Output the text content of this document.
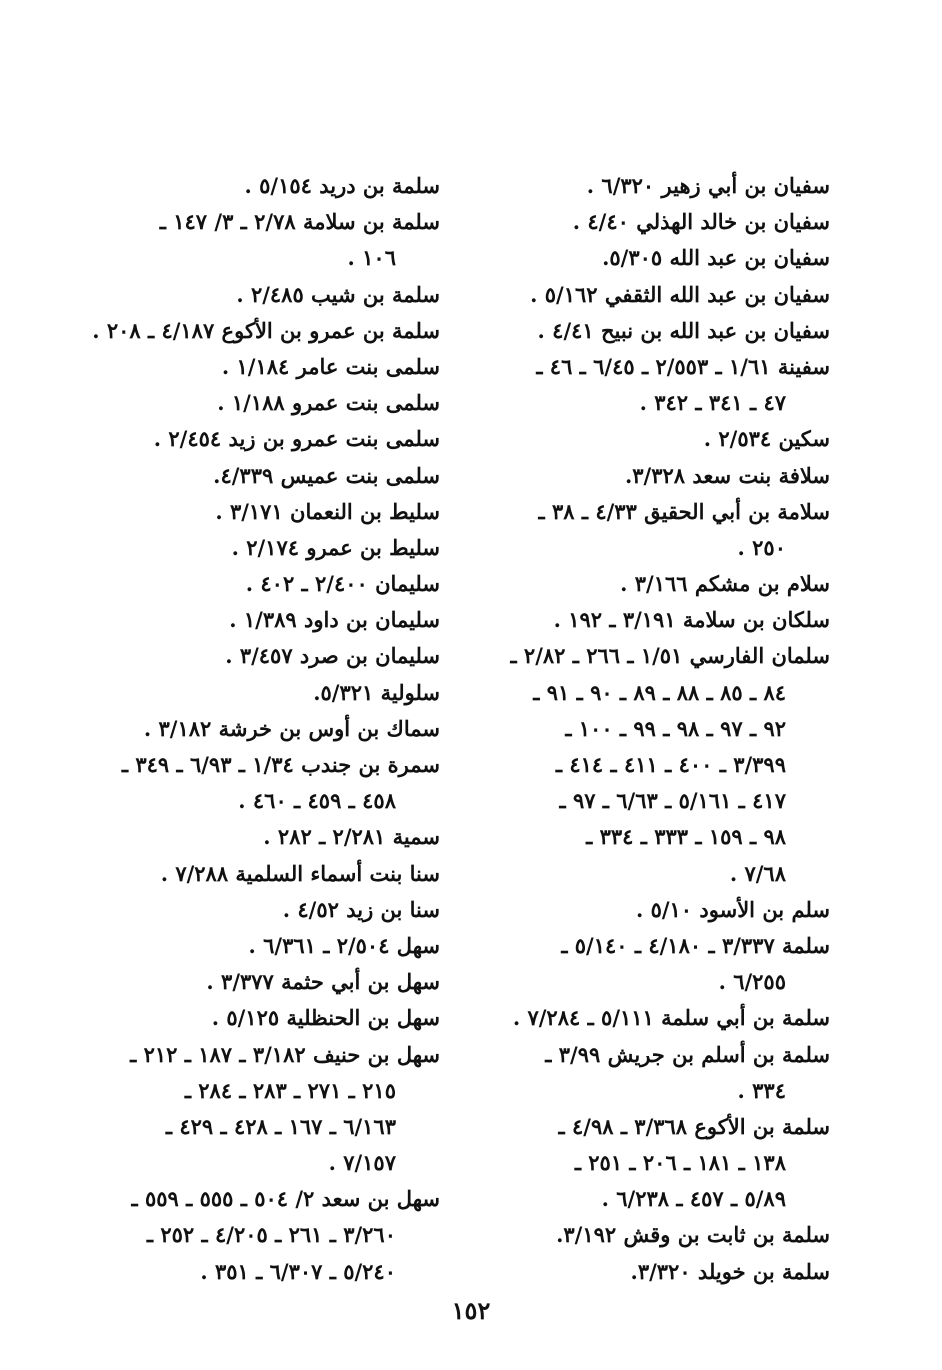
سفيان بن أبي زهير ٦/٣٢٠ .
سفيان بن خالد الهذلي ٤/٤٠ .
سفيان بن عبد الله ٥/٣٠٥.
سفيان بن عبد الله الثقفي ٥/١٦٢ .
سفيان بن عبد الله بن نبيح ٤/٤١ .
سفينة ١/٦١ ـ ٢/٥٥٣ ـ ٦/٤٥ ـ ٤٦ ـ
٤٧ ـ ٣٤١ ـ ٣٤٢ .
سكين ٢/٥٣٤ .
سلافة بنت سعد ٣/٣٢٨.
سلامة بن أبي الحقيق ٤/٣٣ ـ ٣٨ ـ
٢٥٠ .
سلام بن مشكم ٣/١٦٦ .
سلكان بن سلامة ٣/١٩١ ـ ١٩٢ .
سلمان الفارسي ١/٥١ ـ ٢٦٦ ـ ٢/٨٢ ـ
٨٤ ـ ٨٥ ـ ٨٨ ـ ٨٩ ـ ٩٠ ـ ٩١ ـ
٩٢ ـ ٩٧ ـ ٩٨ ـ ٩٩ ـ ١٠٠ ـ
٣/٣٩٩ ـ ٤٠٠ ـ ٤١١ ـ ٤١٤ ـ
٤١٧ ـ ٥/١٦١ ـ ٦/٦٣ ـ ٩٧ ـ
٩٨ ـ ١٥٩ ـ ٣٣٣ ـ ٣٣٤ ـ
٧/٦٨ .
سلم بن الأسود ٥/١٠ .
سلمة ٣/٣٣٧ ـ ٤/١٨٠ ـ ٥/١٤٠ ـ
٦/٢٥٥ .
سلمة بن أبي سلمة ٥/١١١ ـ ٧/٢٨٤ .
سلمة بن أسلم بن جريش ٣/٩٩ ـ
٣٣٤ .
سلمة بن الأكوع ٣/٣٦٨ ـ ٤/٩٨ ـ
١٣٨ ـ ١٨١ ـ ٢٠٦ ـ ٢٥١ ـ
٥/٨٩ ـ ٤٥٧ ـ ٦/٢٣٨ .
سلمة بن ثابت بن وقش ٣/١٩٢.
سلمة بن خويلد ٣/٣٢٠.
سلمة بن دريد ٥/١٥٤ .
سلمة بن سلامة ٢/٧٨ ـ ٣/ ١٤٧ ـ
١٠٦ .
سلمة بن شيب ٢/٤٨٥ .
سلمة بن عمرو بن الأكوع ٤/١٨٧ ـ ٢٠٨ .
سلمى بنت عامر ١/١٨٤ .
سلمى بنت عمرو ١/١٨٨ .
سلمى بنت عمرو بن زيد ٢/٤٥٤ .
سلمى بنت عميس ٤/٣٣٩.
سليط بن النعمان ٣/١٧١ .
سليط بن عمرو ٢/١٧٤ .
سليمان ٢/٤٠٠ ـ ٤٠٢ .
سليمان بن داود ١/٣٨٩ .
سليمان بن صرد ٣/٤٥٧ .
سلولية ٥/٣٢١.
سماك بن أوس بن خرشة ٣/١٨٢ .
سمرة بن جندب ١/٣٤ ـ ٦/٩٣ ـ ٣٤٩ ـ
٤٥٨ ـ ٤٥٩ ـ ٤٦٠ .
سمية ٢/٢٨١ ـ ٢٨٢ .
سنا بنت أسماء السلمية ٧/٢٨٨ .
سنا بن زيد ٤/٥٢ .
سهل ٢/٥٠٤ ـ ٦/٣٦١ .
سهل بن أبي حثمة ٣/٣٧٧ .
سهل بن الحنظلية ٥/١٢٥ .
سهل بن حنيف ٣/١٨٢ ـ ١٨٧ ـ ٢١٢ ـ
٢١٥ ـ ٢٧١ ـ ٢٨٣ ـ ٢٨٤ ـ
٦/١٦٣ ـ ١٦٧ ـ ٤٢٨ ـ ٤٢٩ ـ
٧/١٥٧ .
سهل بن سعد ٢/ ٥٠٤ ـ ٥٥٥ ـ ٥٥٩ ـ
٣/٢٦٠ ـ ٢٦١ ـ ٤/٢٠٥ ـ ٢٥٢ ـ
٥/٢٤٠ ـ ٦/٣٠٧ ـ ٣٥١ .
١٥٢
